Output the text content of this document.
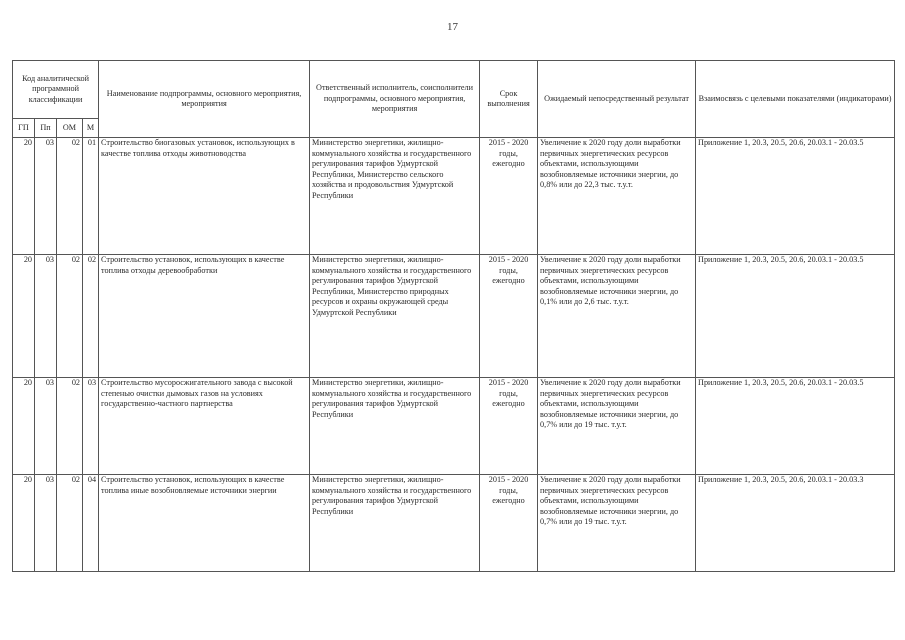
17
Код аналитической программной классификации				Наименование подпрограммы, основного мероприятия, мероприятия	Ответственный исполнитель, соисполнители подпрограммы, основного мероприятия, мероприятия	Срок выполнения	Ожидаемый непосредственный результат	Взаимосвязь с целевыми показателями (индикаторами)
ГП	Пп	ОМ	М					
20	03	02	01	Строительство биогазовых установок, использующих в качестве топлива отходы животноводства	Министерство энергетики, жилищно-коммунального хозяйства и государственного регулирования тарифов Удмуртской Республики, Министерство сельского хозяйства и продовольствия Удмуртской Республики	2015 - 2020 годы, ежегодно	Увеличение к 2020 году доли выработки первичных энергетических ресурсов объектами, использующими возобновляемые источники энергии, до 0,8% или до 22,3 тыс. т.у.т.	Приложение 1, 20.3, 20.5, 20.6, 20.03.1 - 20.03.5
20	03	02	02	Строительство установок, использующих в качестве топлива отходы деревообработки	Министерство энергетики, жилищно-коммунального хозяйства и государственного регулирования тарифов Удмуртской Республики, Министерство природных ресурсов и охраны окружающей среды Удмуртской Республики	2015 - 2020 годы, ежегодно	Увеличение к 2020 году доли выработки первичных энергетических ресурсов объектами, использующими возобновляемые источники энергии, до 0,1% или до 2,6 тыс. т.у.т.	Приложение 1, 20.3, 20.5, 20.6, 20.03.1 - 20.03.5
20	03	02	03	Строительство мусоросжигательного завода с высокой степенью очистки дымовых газов на условиях государственно-частного партнерства	Министерство энергетики, жилищно-коммунального хозяйства и государственного регулирования тарифов Удмуртской Республики	2015 - 2020 годы, ежегодно	Увеличение к 2020 году доли выработки первичных энергетических ресурсов объектами, использующими возобновляемые источники энергии, до 0,7% или до 19 тыс. т.у.т.	Приложение 1, 20.3, 20.5, 20.6, 20.03.1 - 20.03.5
20	03	02	04	Строительство установок, использующих в качестве топлива иные возобновляемые источники энергии	Министерство энергетики, жилищно-коммунального хозяйства и государственного регулирования тарифов Удмуртской Республики	2015 - 2020 годы, ежегодно	Увеличение к 2020 году доли выработки первичных энергетических ресурсов объектами, использующими возобновляемые источники энергии, до 0,7% или до 19 тыс. т.у.т.	Приложение 1, 20.3, 20.5, 20.6, 20.03.1 - 20.03.3
